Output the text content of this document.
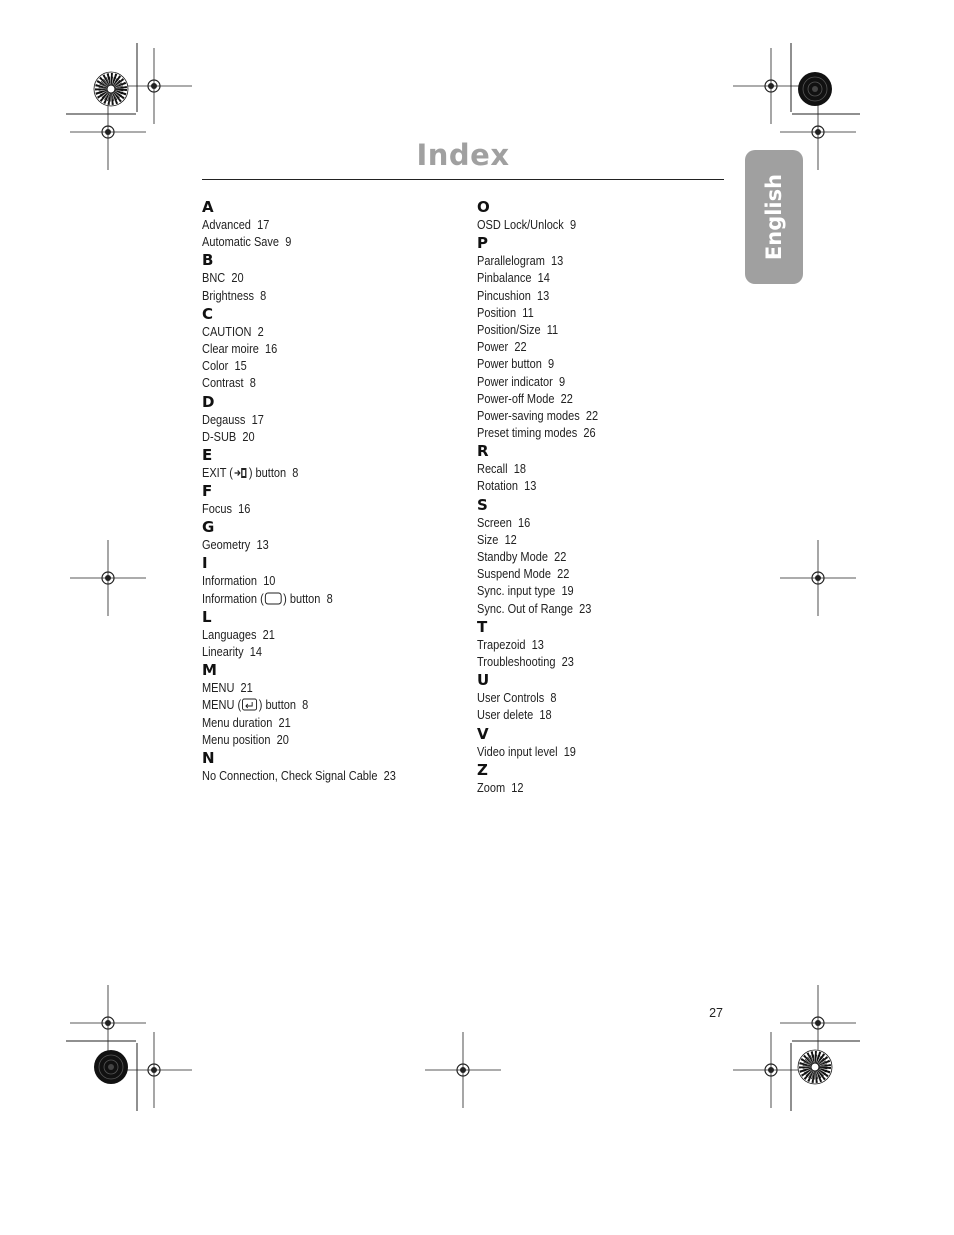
Index
English
A
Advanced 17
Automatic Save 9
B
BNC 20
Brightness 8
C
CAUTION 2
Clear moire 16
Color 15
Contrast 8
D
Degauss 17
D-SUB 20
E
EXIT ( ) button 8
F
Focus 16
G
Geometry 13
I
Information 10
Information ( ) button 8
L
Languages 21
Linearity 14
M
MENU 21
MENU ( ) button 8
Menu duration 21
Menu position 20
N
No Connection, Check Signal Cable 23
O
OSD Lock/Unlock 9
P
Parallelogram 13
Pinbalance 14
Pincushion 13
Position 11
Position/Size 11
Power 22
Power button 9
Power indicator 9
Power-off Mode 22
Power-saving modes 22
Preset timing modes 26
R
Recall 18
Rotation 13
S
Screen 16
Size 12
Standby Mode 22
Suspend Mode 22
Sync. input type 19
Sync. Out of Range 23
T
Trapezoid 13
Troubleshooting 23
U
User Controls 8
User delete 18
V
Video input level 19
Z
Zoom 12
27
